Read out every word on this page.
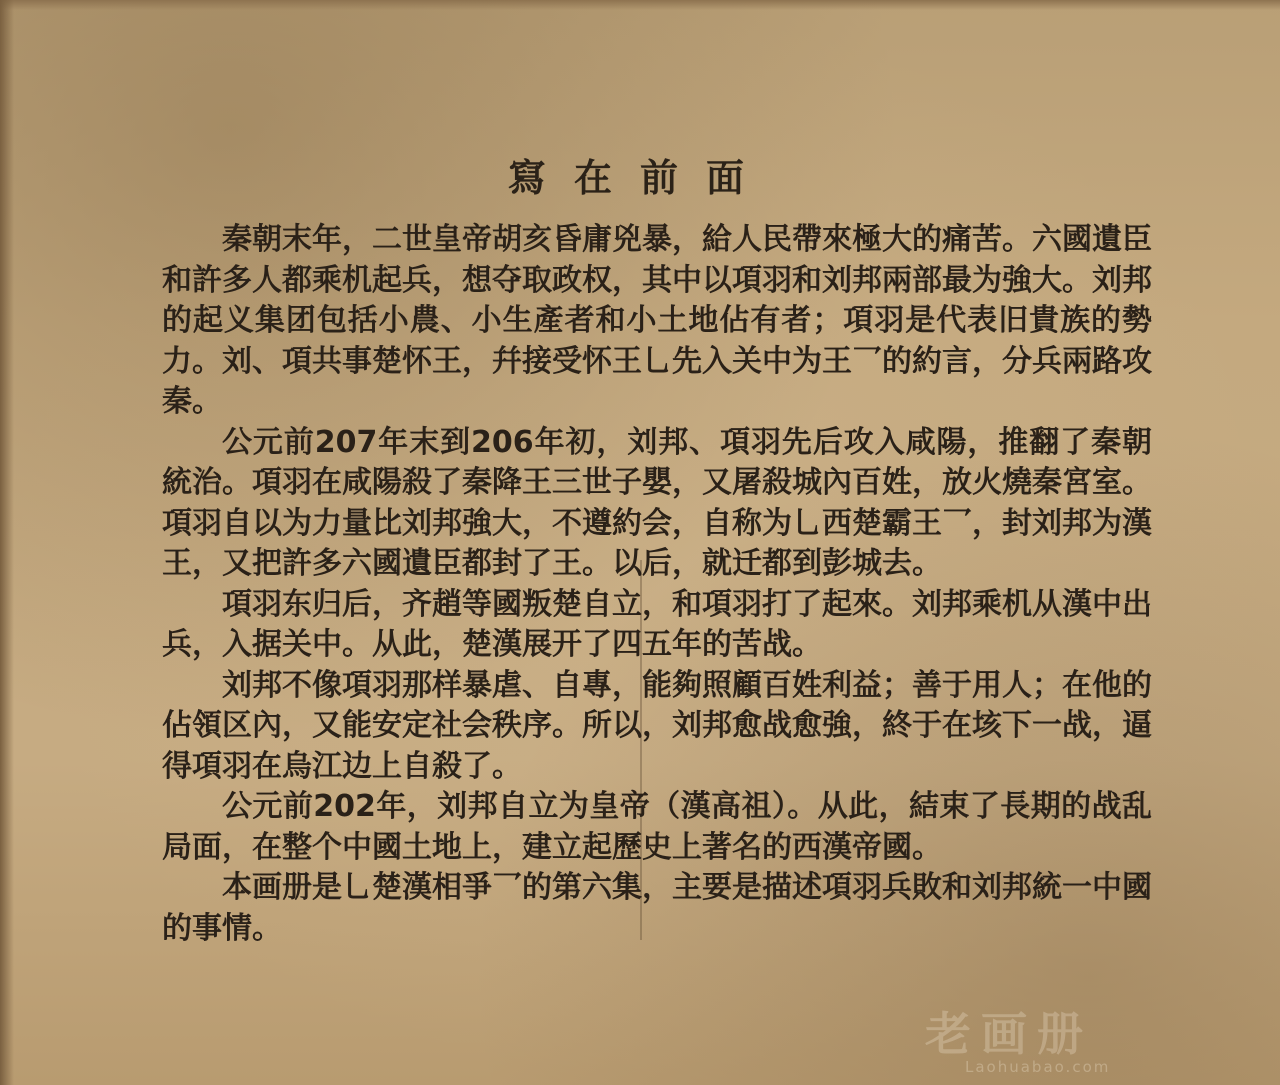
寫在前面

秦朝末年，二世皇帝胡亥昏庸兇暴，給人民帶來極大的痛苦。六國遺臣和許多人都乘机起兵，想夺取政权，其中以項羽和刘邦兩部最为強大。刘邦的起义集团包括小農、小生產者和小土地佔有者；項羽是代表旧貴族的勢力。刘、項共事楚怀王，幷接受怀王乚先入关中为王乛的約言，分兵兩路攻秦。

公元前207年末到206年初，刘邦、項羽先后攻入咸陽，推翻了秦朝統治。項羽在咸陽殺了秦降王三世子嬰，又屠殺城內百姓，放火燒秦宮室。項羽自以为力量比刘邦強大，不遵約会，自称为乚西楚霸王乛，封刘邦为漢王，又把許多六國遺臣都封了王。以后，就迁都到彭城去。

項羽东归后，齐趙等國叛楚自立，和項羽打了起來。刘邦乘机从漢中出兵，入据关中。从此，楚漢展开了四五年的苦战。

刘邦不像項羽那样暴虐、自專，能夠照顧百姓利益；善于用人；在他的佔領区內，又能安定社会秩序。所以，刘邦愈战愈強，終于在垓下一战，逼得項羽在烏江边上自殺了。

公元前202年，刘邦自立为皇帝（漢高祖）。从此，結束了長期的战乱局面，在整个中國土地上，建立起歷史上著名的西漢帝國。

本画册是乚楚漢相爭乛的第六集，主要是描述項羽兵敗和刘邦統一中國的事情。

老画册
Laohuabao.com
